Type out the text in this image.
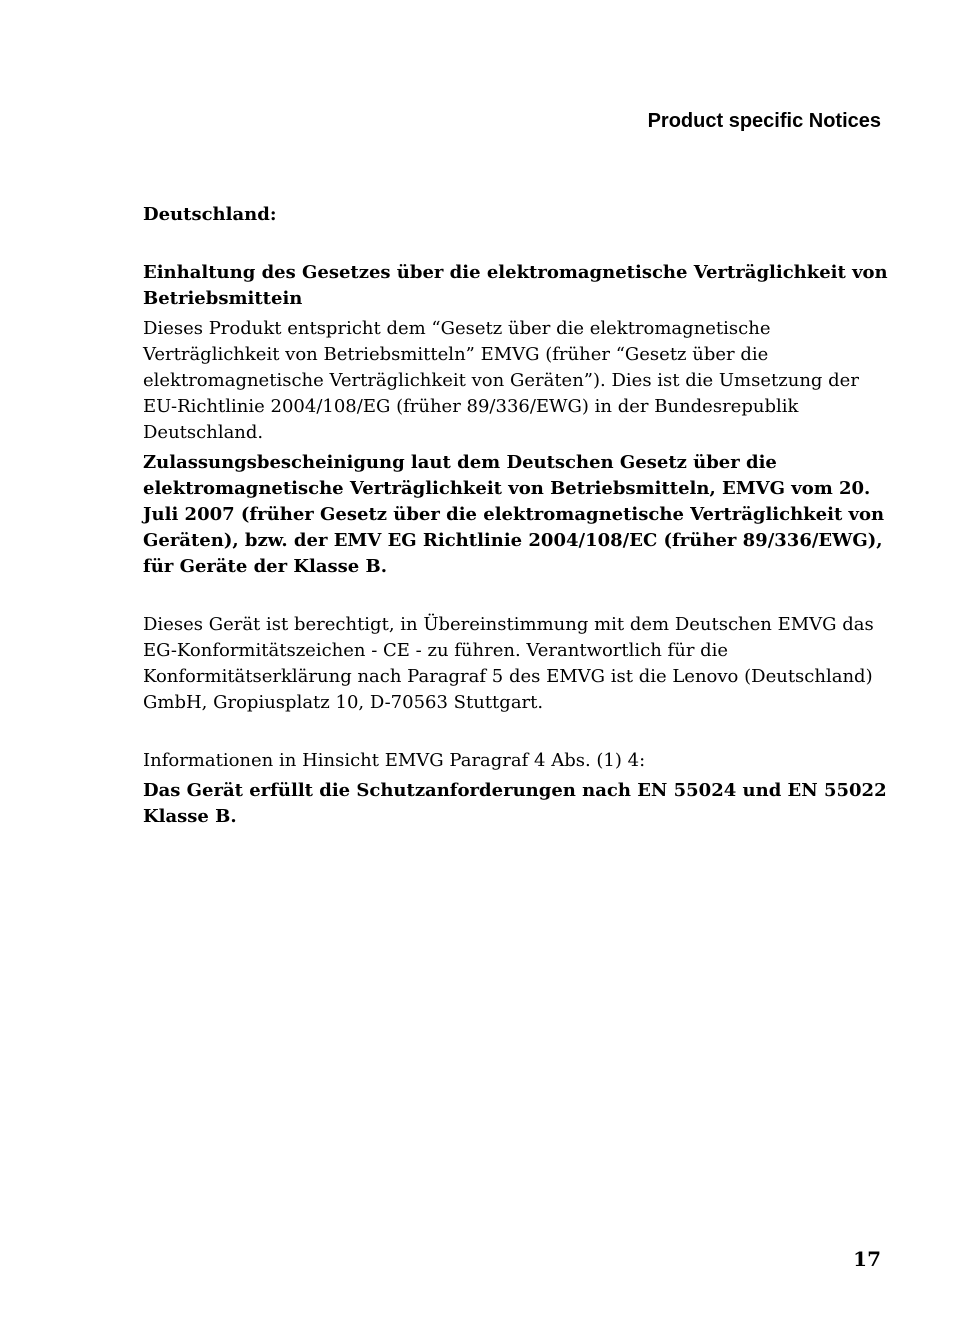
Product specific Notices

Deutschland:

Einhaltung des Gesetzes über die elektromagnetische Verträglichkeit von Betriebsmittein

Dieses Produkt entspricht dem “Gesetz über die elektromagnetische Verträglichkeit von Betriebsmitteln” EMVG (früher “Gesetz über die elektromagnetische Verträglichkeit von Geräten”). Dies ist die Umsetzung der EU-Richtlinie 2004/108/EG (früher 89/336/EWG) in der Bundesrepublik Deutschland.

Zulassungsbescheinigung laut dem Deutschen Gesetz über die elektromagnetische Verträglichkeit von Betriebsmitteln, EMVG vom 20. Juli 2007 (früher Gesetz über die elektromagnetische Verträglichkeit von Geräten), bzw. der EMV EG Richtlinie 2004/108/EC (früher 89/336/EWG), für Geräte der Klasse B.

Dieses Gerät ist berechtigt, in Übereinstimmung mit dem Deutschen EMVG das EG-Konformitätszeichen - CE - zu führen. Verantwortlich für die Konformitätserklärung nach Paragraf 5 des EMVG ist die Lenovo (Deutschland) GmbH, Gropiusplatz 10, D-70563 Stuttgart.

Informationen in Hinsicht EMVG Paragraf 4 Abs. (1) 4:

Das Gerät erfüllt die Schutzanforderungen nach EN 55024 und EN 55022 Klasse B.

17
